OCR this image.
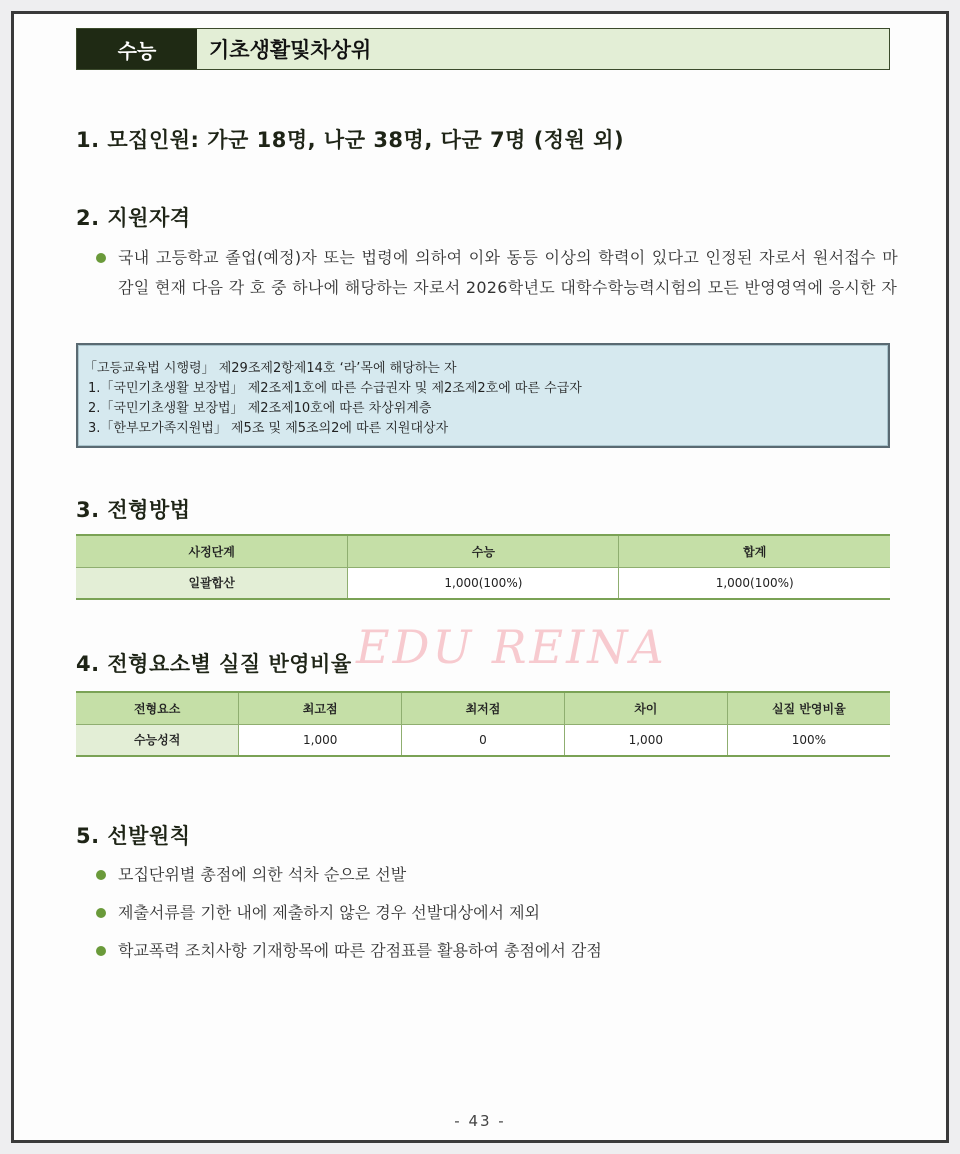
수능	기초생활및차상위
1. 모집인원: 가군 18명, 나군 38명, 다군 7명 (정원 외)
2. 지원자격
국내 고등학교 졸업(예정)자 또는 법령에 의하여 이와 동등 이상의 학력이 있다고 인정된 자로서 원서접수 마감일 현재 다음 각 호 중 하나에 해당하는 자로서 2026학년도 대학수학능력시험의 모든 반영영역에 응시한 자
「고등교육법 시행령」 제29조제2항제14호 ‘라’목에 해당하는 자
1.「국민기초생활 보장법」 제2조제1호에 따른 수급권자 및 제2조제2호에 따른 수급자
2.「국민기초생활 보장법」 제2조제10호에 따른 차상위계층
3.「한부모가족지원법」 제5조 및 제5조의2에 따른 지원대상자
3. 전형방법
사정단계	수능	합계
일괄합산	1,000(100%)	1,000(100%)
4. 전형요소별 실질 반영비율 EDU REINA
전형요소	최고점	최저점	차이	실질 반영비율
수능성적	1,000	0	1,000	100%
5. 선발원칙
모집단위별 총점에 의한 석차 순으로 선발
제출서류를 기한 내에 제출하지 않은 경우 선발대상에서 제외
학교폭력 조치사항 기재항목에 따른 감점표를 활용하여 총점에서 감점
- 43 -
